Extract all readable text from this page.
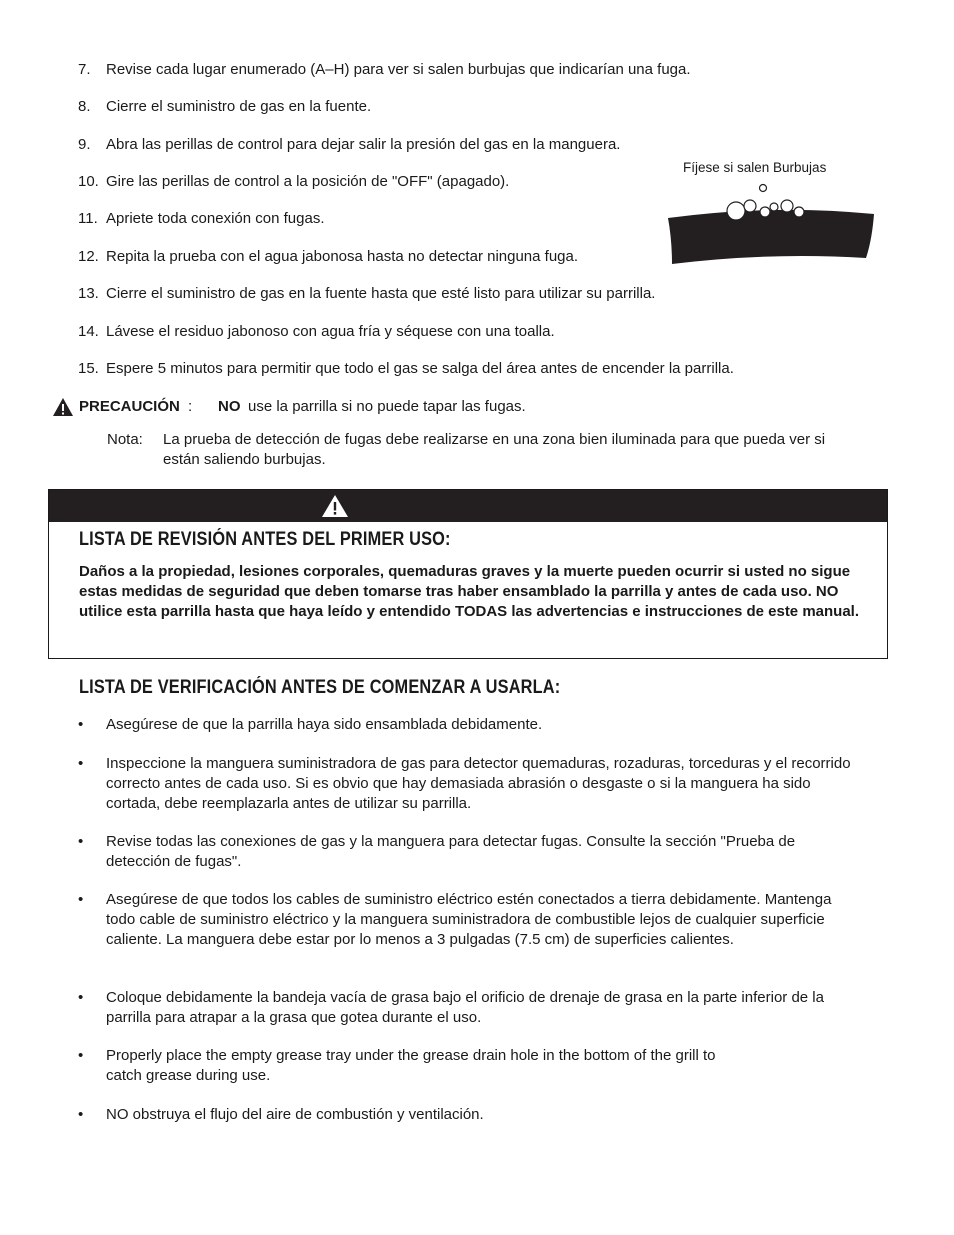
7. Revise cada lugar enumerado (A–H) para ver si salen burbujas que indicarían una fuga.
8. Cierre el suministro de gas en la fuente.
9. Abra las perillas de control para dejar salir la presión del gas en la manguera.
10. Gire las perillas de control a la posición de "OFF" (apagado).
11. Apriete toda conexión con fugas.
12. Repita la prueba con el agua jabonosa hasta no detectar ninguna fuga.
13. Cierre el suministro de gas en la fuente hasta que esté listo para utilizar su parrilla.
14. Lávese el residuo jabonoso con agua fría y séquese con una toalla.
15. Espere 5 minutos para permitir que todo el gas se salga del área antes de encender la parrilla.
Fíjese si salen Burbujas
PRECAUCIÓN : NO use la parrilla si no puede tapar las fugas.
Nota: La prueba de detección de fugas debe realizarse en una zona bien iluminada para que pueda ver si están saliendo burbujas.
LISTA DE REVISIÓN ANTES DEL PRIMER USO:
Daños a la propiedad, lesiones corporales, quemaduras graves y la muerte pueden ocurrir si usted no sigue estas medidas de seguridad que deben tomarse tras haber ensamblado la parrilla y antes de cada uso. NO utilice esta parrilla hasta que haya leído y entendido TODAS las advertencias e instrucciones de este manual.
LISTA DE VERIFICACIÓN ANTES DE COMENZAR A USARLA:
• Asegúrese de que la parrilla haya sido ensamblada debidamente.
• Inspeccione la manguera suministradora de gas para detector quemaduras, rozaduras, torceduras y el recorrido correcto antes de cada uso. Si es obvio que hay demasiada abrasión o desgaste o si la manguera ha sido cortada, debe reemplazarla antes de utilizar su parrilla.
• Revise todas las conexiones de gas y la manguera para detectar fugas. Consulte la sección "Prueba de detección de fugas".
• Asegúrese de que todos los cables de suministro eléctrico estén conectados a tierra debidamente. Mantenga todo cable de suministro eléctrico y la manguera suministradora de combustible lejos de cualquier superficie caliente. La manguera debe estar por lo menos a 3 pulgadas (7.5 cm) de superficies calientes.
• Coloque debidamente la bandeja vacía de grasa bajo el orificio de drenaje de grasa en la parte inferior de la parrilla para atrapar a la grasa que gotea durante el uso.
• Properly place the empty grease tray under the grease drain hole in the bottom of the grill to catch grease during use.
• NO obstruya el flujo del aire de combustión y ventilación.
